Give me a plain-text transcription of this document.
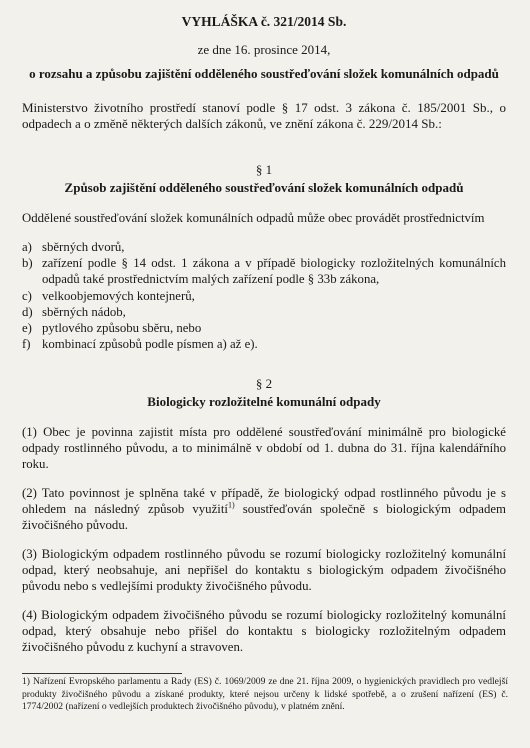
VYHLÁŠKA č. 321/2014 Sb.
ze dne 16. prosince 2014,
o rozsahu a způsobu zajištění odděleného soustřeďování složek komunálních odpadů
Ministerstvo životního prostředí stanoví podle § 17 odst. 3 zákona č. 185/2001 Sb., o odpadech a o změně některých dalších zákonů, ve znění zákona č. 229/2014 Sb.:
§ 1
Způsob zajištění odděleného soustřeďování složek komunálních odpadů
Oddělené soustřeďování složek komunálních odpadů může obec provádět prostřednictvím
a) sběrných dvorů,
b) zařízení podle § 14 odst. 1 zákona a v případě biologicky rozložitelných komunálních odpadů také prostřednictvím malých zařízení podle § 33b zákona,
c) velkoobjemových kontejnerů,
d) sběrných nádob,
e) pytlového způsobu sběru, nebo
f) kombinací způsobů podle písmen a) až e).
§ 2
Biologicky rozložitelné komunální odpady
(1) Obec je povinna zajistit místa pro oddělené soustřeďování minimálně pro biologické odpady rostlinného původu, a to minimálně v období od 1. dubna do 31. října kalendářního roku.
(2) Tato povinnost je splněna také v případě, že biologický odpad rostlinného původu je s ohledem na následný způsob využití$^{1)}$ soustřeďován společně s biologickým odpadem živočišného původu.
(3) Biologickým odpadem rostlinného původu se rozumí biologicky rozložitelný komunální odpad, který neobsahuje, ani nepřišel do kontaktu s biologickým odpadem živočišného původu nebo s vedlejšími produkty živočišného původu.
(4) Biologickým odpadem živočišného původu se rozumí biologicky rozložitelný komunální odpad, který obsahuje nebo přišel do kontaktu s biologicky rozložitelným odpadem živočišného původu z kuchyní a stravoven.
1) Nařízení Evropského parlamentu a Rady (ES) č. 1069/2009 ze dne 21. října 2009, o hygienických pravidlech pro vedlejší produkty živočišného původu a získané produkty, které nejsou určeny k lidské spotřebě, a o zrušení nařízení (ES) č. 1774/2002 (nařízení o vedlejších produktech živočišného původu), v platném znění.
